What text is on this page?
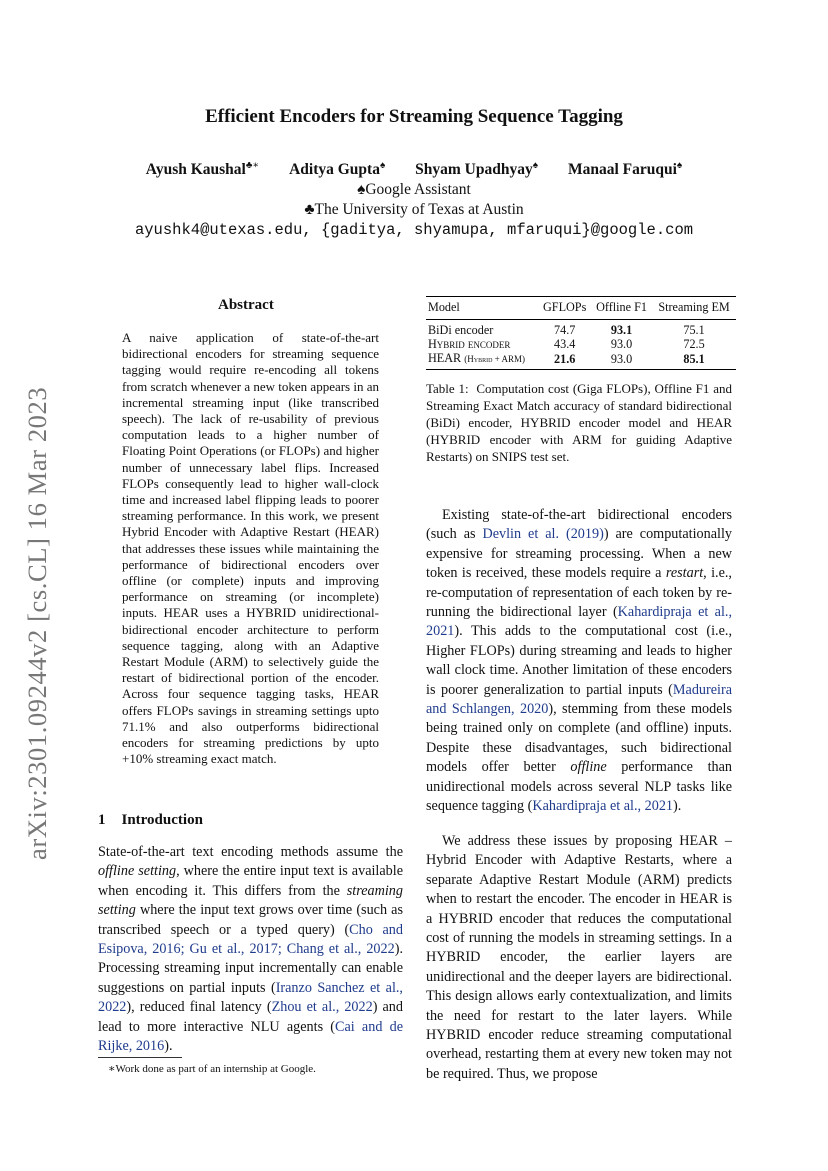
arXiv:2301.09244v2 [cs.CL] 16 Mar 2023
Efficient Encoders for Streaming Sequence Tagging
Ayush Kaushal♣∗ Aditya Gupta♠ Shyam Upadhyay♠ Manaal Faruqui♠
♠Google Assistant
♣The University of Texas at Austin
ayushk4@utexas.edu, {gaditya, shyamupa, mfaruqui}@google.com
Abstract
A naive application of state-of-the-art bidirectional encoders for streaming sequence tagging would require re-encoding all tokens from scratch whenever a new token appears in an incremental streaming input (like transcribed speech). The lack of re-usability of previous computation leads to a higher number of Floating Point Operations (or FLOPs) and higher number of unnecessary label flips. Increased FLOPs consequently lead to higher wall-clock time and increased label flipping leads to poorer streaming performance. In this work, we present Hybrid Encoder with Adaptive Restart (HEAR) that addresses these issues while maintaining the performance of bidirectional encoders over offline (or complete) inputs and improving performance on streaming (or incomplete) inputs. HEAR uses a HYBRID unidirectional-bidirectional encoder architecture to perform sequence tagging, along with an Adaptive Restart Module (ARM) to selectively guide the restart of bidirectional portion of the encoder. Across four sequence tagging tasks, HEAR offers FLOPs savings in streaming settings upto 71.1% and also outperforms bidirectional encoders for streaming predictions by upto +10% streaming exact match.
1 Introduction
State-of-the-art text encoding methods assume the offline setting, where the entire input text is available when encoding it. This differs from the streaming setting where the input text grows over time (such as transcribed speech or a typed query) (Cho and Esipova, 2016; Gu et al., 2017; Chang et al., 2022). Processing streaming input incrementally can enable suggestions on partial inputs (Iranzo Sanchez et al., 2022), reduced final latency (Zhou et al., 2022) and lead to more interactive NLU agents (Cai and de Rijke, 2016).
∗Work done as part of an internship at Google.
Model	GFLOPs	Offline F1	Streaming EM
BiDi encoder	74.7	93.1	75.1
Hybrid encoder	43.4	93.0	72.5
HEAR (Hybrid + ARM)	21.6	93.0	85.1
Table 1: Computation cost (Giga FLOPs), Offline F1 and Streaming Exact Match accuracy of standard bidirectional (BiDi) encoder, HYBRID encoder model and HEAR (HYBRID encoder with ARM for guiding Adaptive Restarts) on SNIPS test set.
Existing state-of-the-art bidirectional encoders (such as Devlin et al. (2019)) are computationally expensive for streaming processing. When a new token is received, these models require a restart, i.e., re-computation of representation of each token by re-running the bidirectional layer (Kahardipraja et al., 2021). This adds to the computational cost (i.e., Higher FLOPs) during streaming and leads to higher wall clock time. Another limitation of these encoders is poorer generalization to partial inputs (Madureira and Schlangen, 2020), stemming from these models being trained only on complete (and offline) inputs. Despite these disadvantages, such bidirectional models offer better offline performance than unidirectional models across several NLP tasks like sequence tagging (Kahardipraja et al., 2021).
We address these issues by proposing HEAR – Hybrid Encoder with Adaptive Restarts, where a separate Adaptive Restart Module (ARM) predicts when to restart the encoder. The encoder in HEAR is a HYBRID encoder that reduces the computational cost of running the models in streaming settings. In a HYBRID encoder, the earlier layers are unidirectional and the deeper layers are bidirectional. This design allows early contextualization, and limits the need for restart to the later layers. While HYBRID encoder reduce streaming computational overhead, restarting them at every new token may not be required. Thus, we propose
